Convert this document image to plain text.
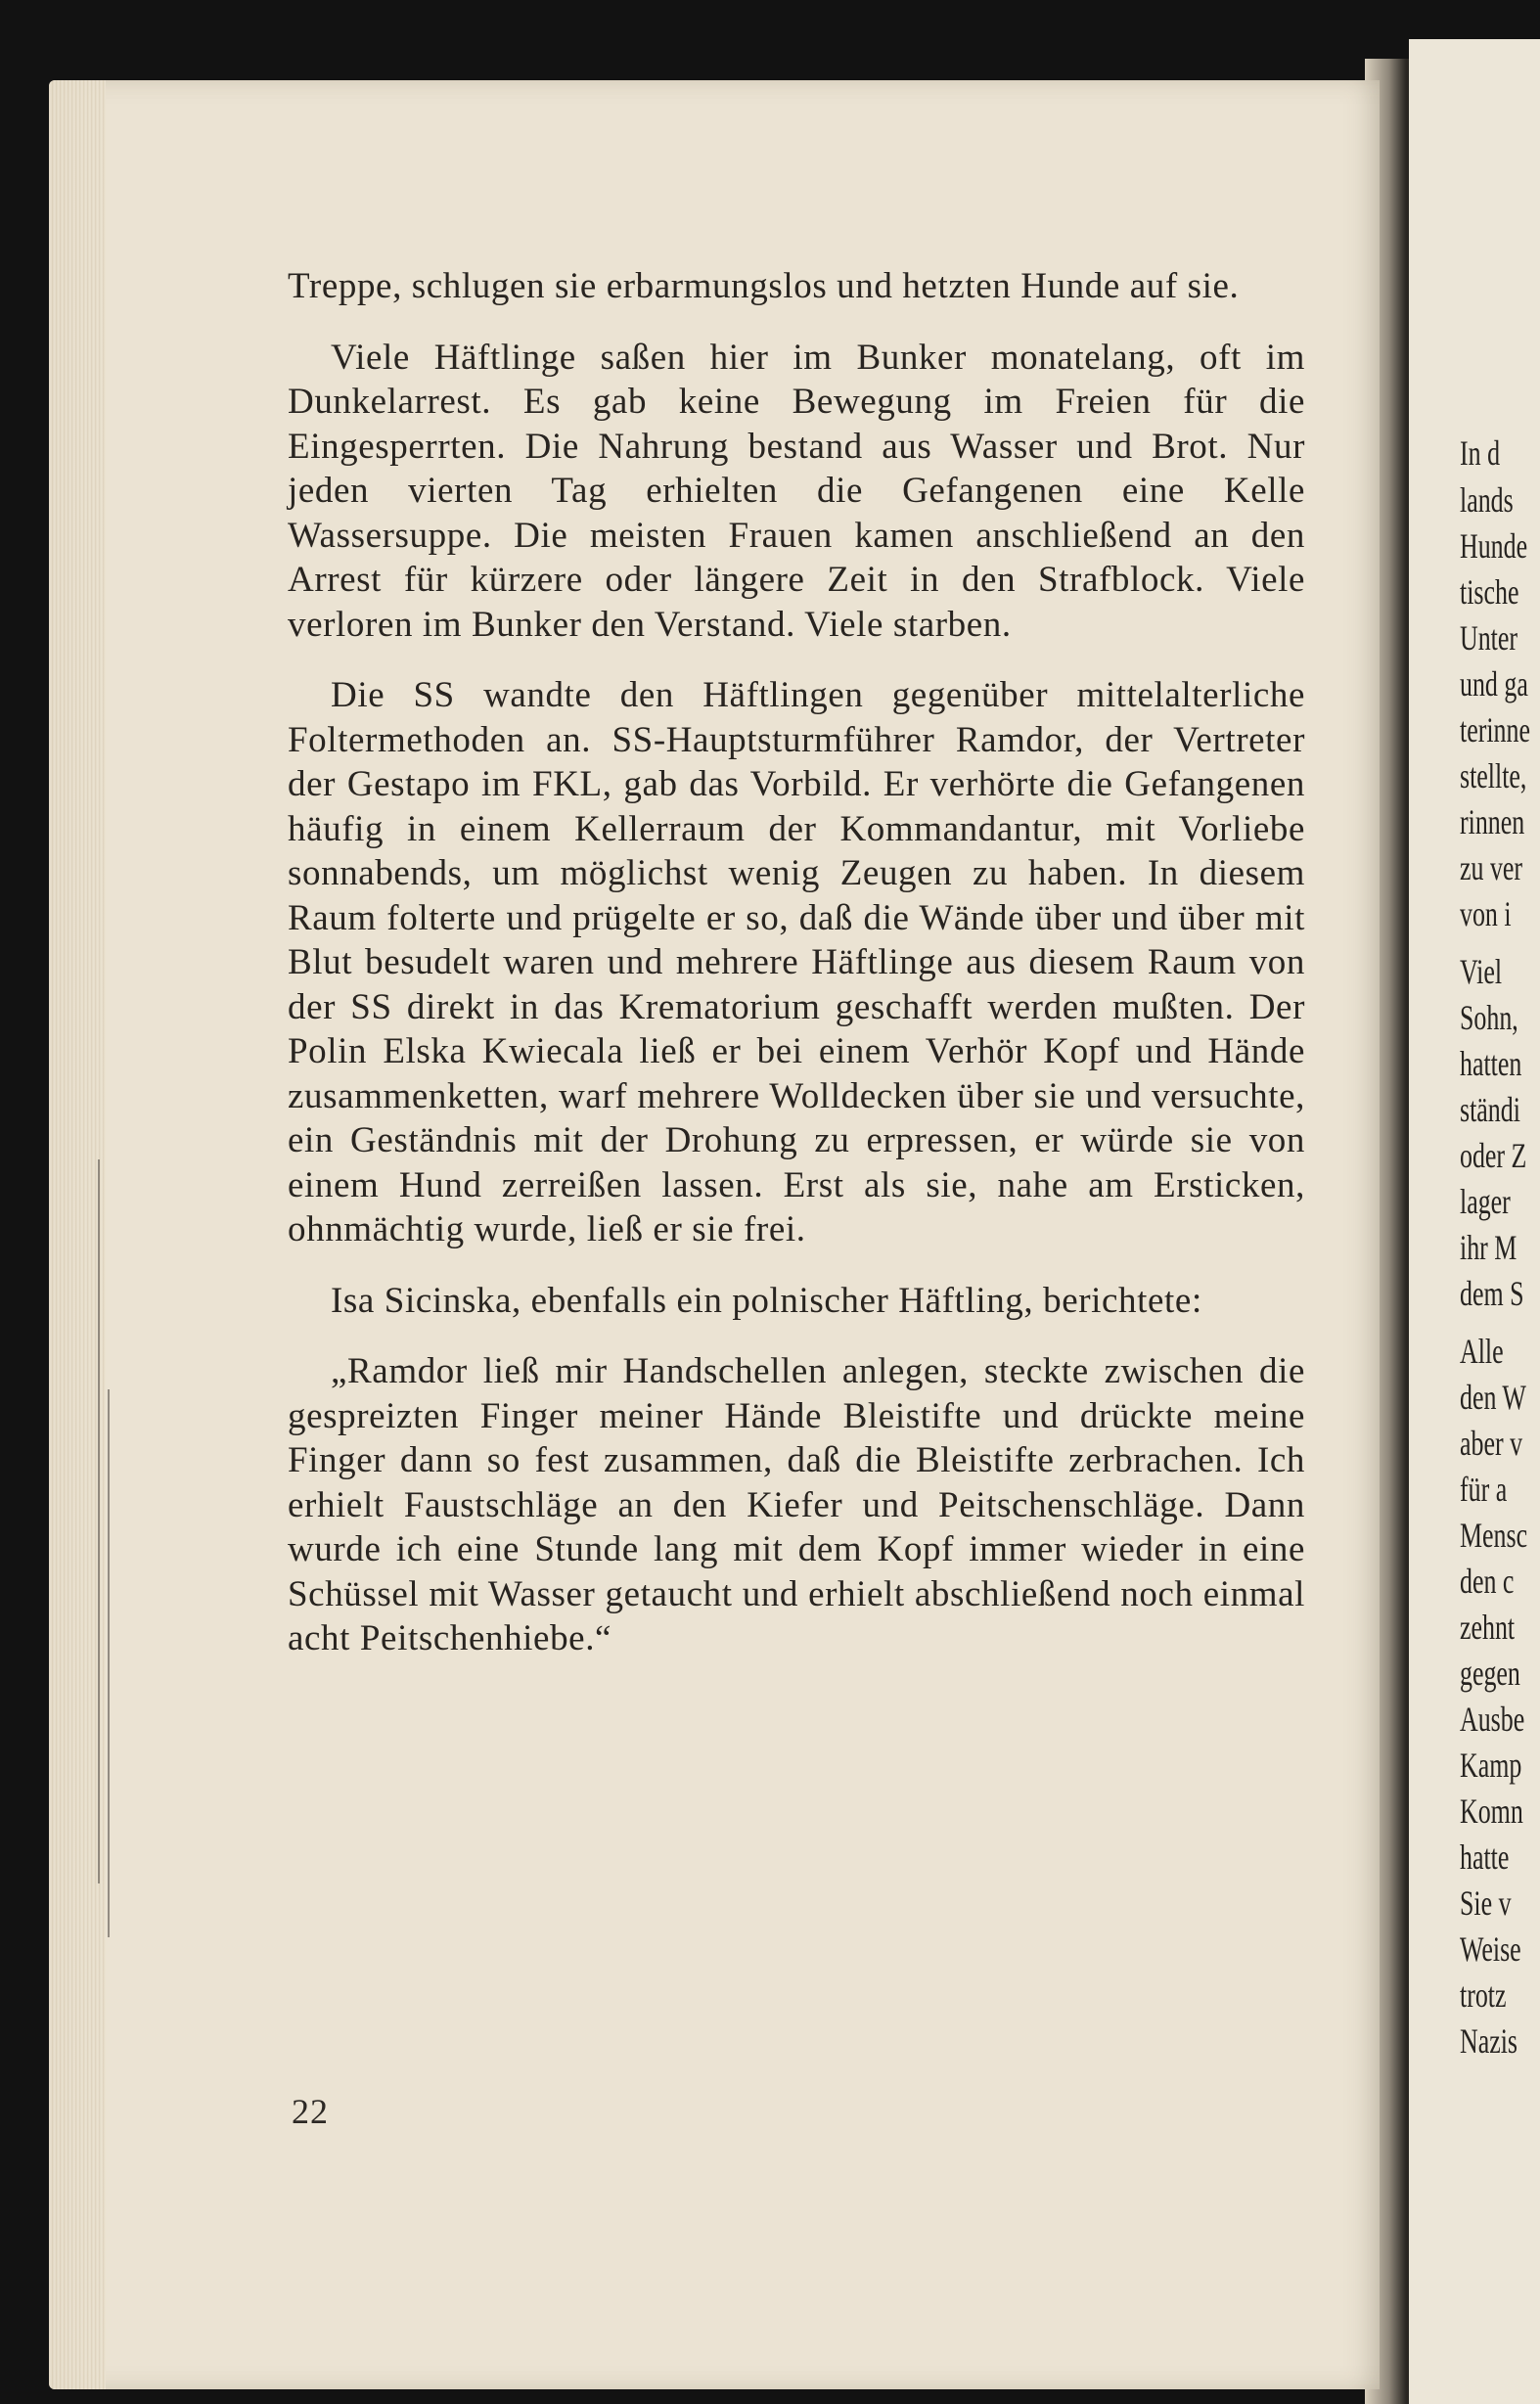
In d
lands
Hunde
tische
Unter
und ga
terinne
stellte,
rinnen
zu ver
von i
Viel
Sohn,
hatten
ständi
oder Z
lager
ihr M
dem S
Alle
den W
aber v
für a
Mensc
den c
zehnt
gegen
Ausbe
Kamp
Komn
hatte
Sie v
Weise
trotz
Nazis

Treppe, schlugen sie erbarmungslos und hetzten Hunde auf sie.

Viele Häftlinge saßen hier im Bunker monatelang, oft im Dunkelarrest. Es gab keine Bewegung im Freien für die Eingesperrten. Die Nahrung bestand aus Wasser und Brot. Nur jeden vierten Tag erhielten die Gefangenen eine Kelle Wassersuppe. Die meisten Frauen kamen anschließend an den Arrest für kürzere oder längere Zeit in den Strafblock. Viele verloren im Bunker den Verstand. Viele starben.

Die SS wandte den Häftlingen gegenüber mittelalterliche Foltermethoden an. SS-Hauptsturmführer Ramdor, der Vertreter der Gestapo im FKL, gab das Vorbild. Er verhörte die Gefangenen häufig in einem Kellerraum der Kommandantur, mit Vorliebe sonnabends, um möglichst wenig Zeugen zu haben. In diesem Raum folterte und prügelte er so, daß die Wände über und über mit Blut besudelt waren und mehrere Häftlinge aus diesem Raum von der SS direkt in das Krematorium geschafft werden mußten. Der Polin Elska Kwiecala ließ er bei einem Verhör Kopf und Hände zusammenketten, warf mehrere Wolldecken über sie und versuchte, ein Geständnis mit der Drohung zu erpressen, er würde sie von einem Hund zerreißen lassen. Erst als sie, nahe am Ersticken, ohnmächtig wurde, ließ er sie frei.

Isa Sicinska, ebenfalls ein polnischer Häftling, berichtete:

„Ramdor ließ mir Handschellen anlegen, steckte zwischen die gespreizten Finger meiner Hände Bleistifte und drückte meine Finger dann so fest zusammen, daß die Bleistifte zerbrachen. Ich erhielt Faustschläge an den Kiefer und Peitschenschläge. Dann wurde ich eine Stunde lang mit dem Kopf immer wieder in eine Schüssel mit Wasser getaucht und erhielt abschließend noch einmal acht Peitschenhiebe.“

22
